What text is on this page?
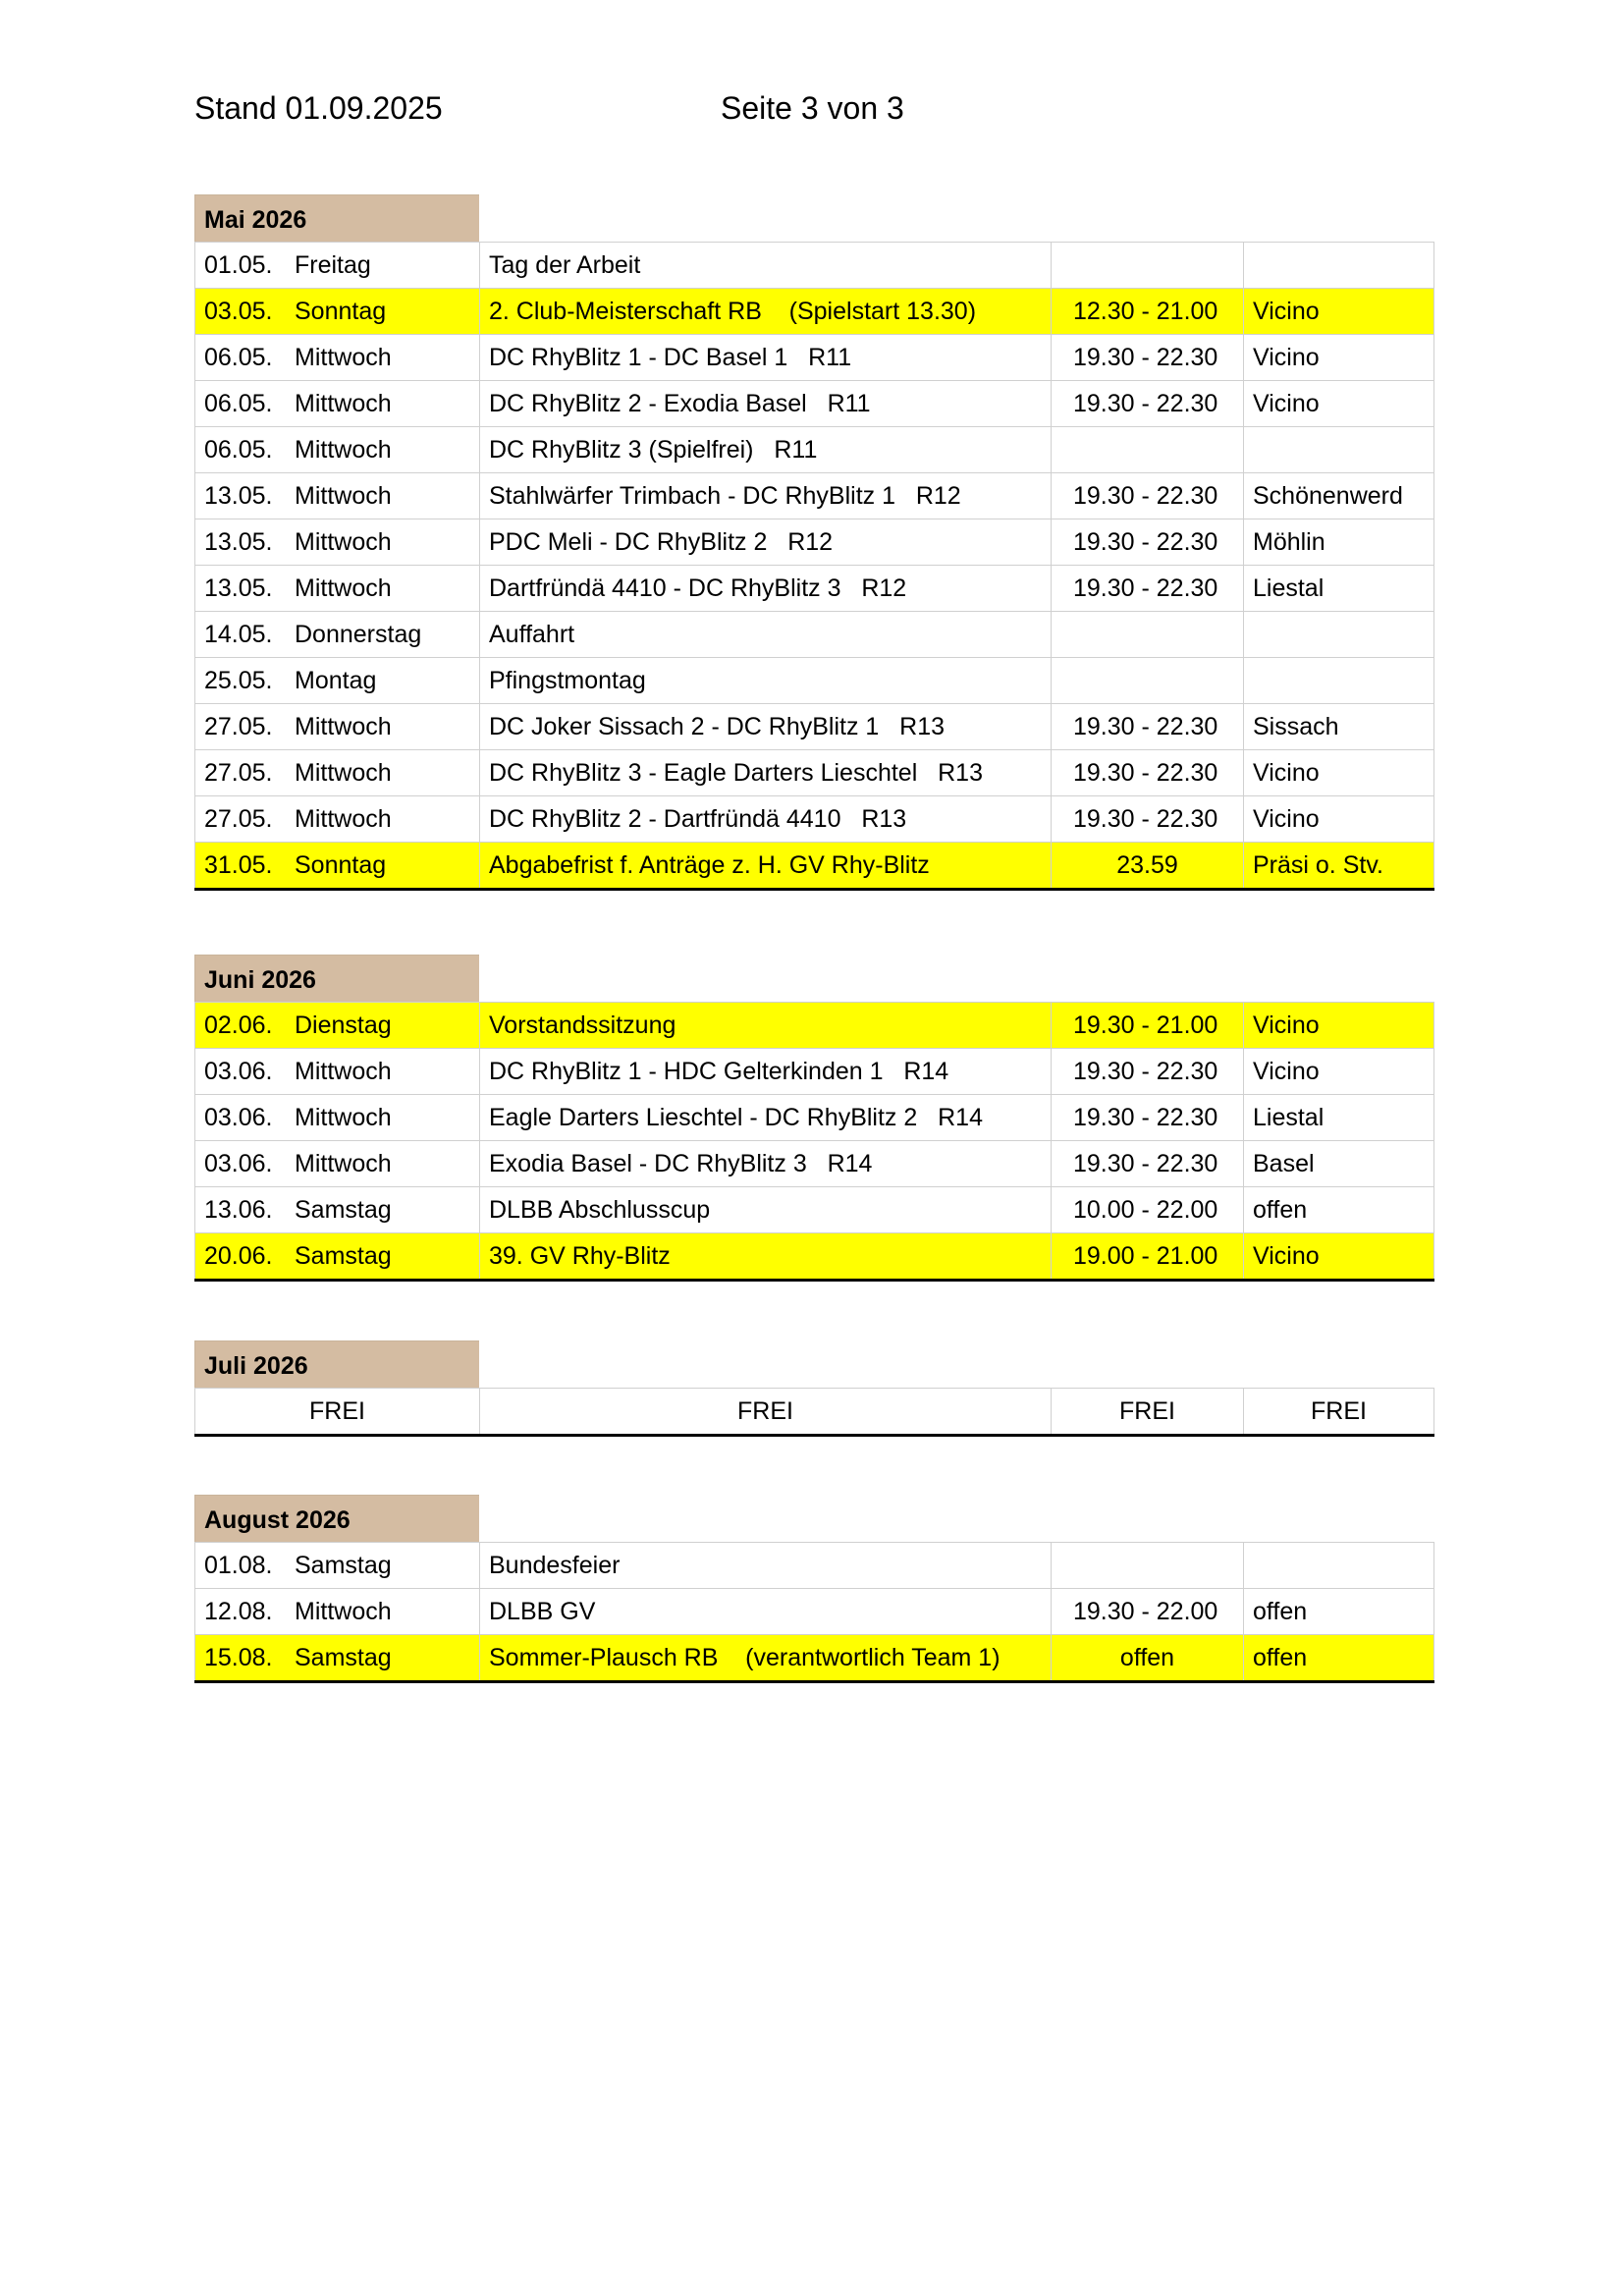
Stand 01.09.2025	Seite 3 von 3
Mai 2026
01.05. Freitag	Tag der Arbeit		
03.05. Sonntag	2. Club-Meisterschaft RB    (Spielstart 13.30)	12.30 - 21.00	Vicino
06.05. Mittwoch	DC RhyBlitz 1 - DC Basel 1   R11	19.30 - 22.30	Vicino
06.05. Mittwoch	DC RhyBlitz 2 - Exodia Basel   R11	19.30 - 22.30	Vicino
06.05. Mittwoch	DC RhyBlitz 3 (Spielfrei)   R11		
13.05. Mittwoch	Stahlwärfer Trimbach - DC RhyBlitz 1   R12	19.30 - 22.30	Schönenwerd
13.05. Mittwoch	PDC Meli - DC RhyBlitz 2   R12	19.30 - 22.30	Möhlin
13.05. Mittwoch	Dartfründä 4410 - DC RhyBlitz 3   R12	19.30 - 22.30	Liestal
14.05. Donnerstag	Auffahrt		
25.05. Montag	Pfingstmontag		
27.05. Mittwoch	DC Joker Sissach 2 - DC RhyBlitz 1   R13	19.30 - 22.30	Sissach
27.05. Mittwoch	DC RhyBlitz 3 - Eagle Darters Lieschtel   R13	19.30 - 22.30	Vicino
27.05. Mittwoch	DC RhyBlitz 2 - Dartfründä 4410   R13	19.30 - 22.30	Vicino
31.05. Sonntag	Abgabefrist f. Anträge z. H. GV Rhy-Blitz	23.59	Präsi o. Stv.
Juni 2026
02.06. Dienstag	Vorstandssitzung	19.30 - 21.00	Vicino
03.06. Mittwoch	DC RhyBlitz 1 - HDC Gelterkinden 1   R14	19.30 - 22.30	Vicino
03.06. Mittwoch	Eagle Darters Lieschtel - DC RhyBlitz 2   R14	19.30 - 22.30	Liestal
03.06. Mittwoch	Exodia Basel - DC RhyBlitz 3   R14	19.30 - 22.30	Basel
13.06. Samstag	DLBB Abschlusscup	10.00 - 22.00	offen
20.06. Samstag	39. GV Rhy-Blitz	19.00 - 21.00	Vicino
Juli 2026
FREI	FREI	FREI	FREI
August 2026
01.08. Samstag	Bundesfeier		
12.08. Mittwoch	DLBB GV	19.30 - 22.00	offen
15.08. Samstag	Sommer-Plausch RB    (verantwortlich Team 1)	offen	offen
